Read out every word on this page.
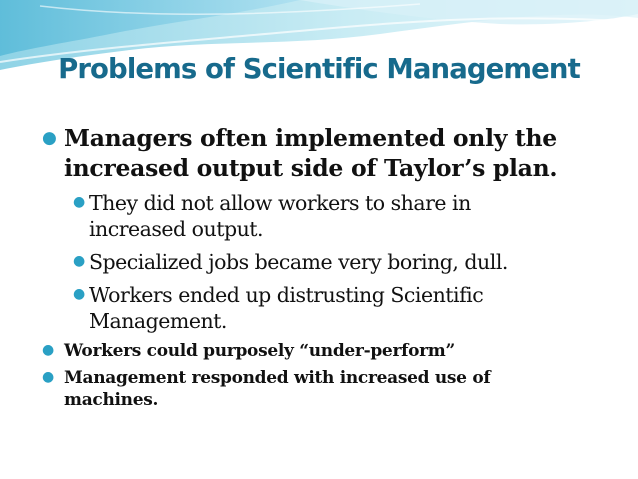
Problems of Scientific Management
● Managers often implemented only the
increased output side of Taylor’s plan.
● They did not allow workers to share in
increased output.
● Specialized jobs became very boring, dull.
● Workers ended up distrusting Scientific
Management.
● Workers could purposely “under-perform”
● Management responded with increased use of
machines.
